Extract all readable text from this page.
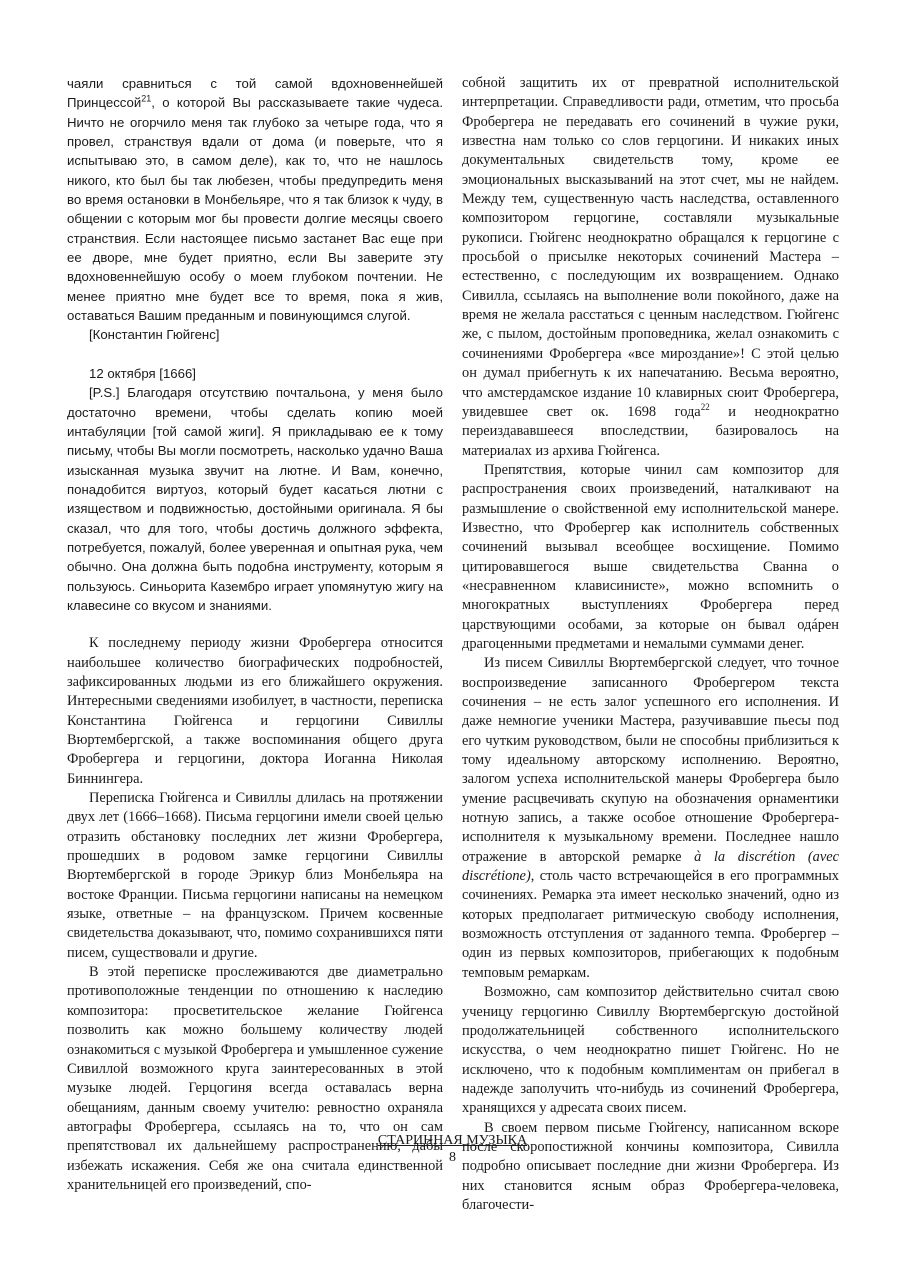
чаяли сравниться с той самой вдохновеннейшей Принцессой$^{21}$, о которой Вы рассказываете такие чудеса. Ничто не огорчило меня так глубоко за четыре года, что я провел, странствуя вдали от дома (и поверьте, что я испытываю это, в самом деле), как то, что не нашлось никого, кто был бы так любезен, чтобы предупредить меня во время остановки в Монбельяре, что я так близок к чуду, в общении с которым мог бы провести долгие месяцы своего странствия. Если настоящее письмо застанет Вас еще при ее дворе, мне будет приятно, если Вы заверите эту вдохновеннейшую особу о моем глубоком почтении. Не менее приятно мне будет все то время, пока я жив, оставаться Вашим преданным и повинующимся слугой.

[Константин Гюйгенс]

12 октября [1666]

[P.S.] Благодаря отсутствию почтальона, у меня было достаточно времени, чтобы сделать копию моей интабуляции [той самой жиги]. Я прикладываю ее к тому письму, чтобы Вы могли посмотреть, насколько удачно Ваша изысканная музыка звучит на лютне. И Вам, конечно, понадобится виртуоз, который будет касаться лютни с изяществом и подвижностью, достойными оригинала. Я бы сказал, что для того, чтобы достичь должного эффекта, потребуется, пожалуй, более уверенная и опытная рука, чем обычно. Она должна быть подобна инструменту, которым я пользуюсь. Синьорита Казембро играет упомянутую жигу на клавесине со вкусом и знаниями.

К последнему периоду жизни Фробергера относится наибольшее количество биографических подробностей, зафиксированных людьми из его ближайшего окружения. Интересными сведениями изобилует, в частности, переписка Константина Гюйгенса и герцогини Сивиллы Вюртембергской, а также воспоминания общего друга Фробергера и герцогини, доктора Иоганна Николая Биннингера.

Переписка Гюйгенса и Сивиллы длилась на протяжении двух лет (1666–1668). Письма герцогини имели своей целью отразить обстановку последних лет жизни Фробергера, прошедших в родовом замке герцогини Сивиллы Вюртембергской в городе Эрикур близ Монбельяра на востоке Франции. Письма герцогини написаны на немецком языке, ответные – на французском. Причем косвенные свидетельства доказывают, что, помимо сохранившихся пяти писем, существовали и другие.

В этой переписке прослеживаются две диаметрально противоположные тенденции по отношению к наследию композитора: просветительское желание Гюйгенса позволить как можно большему количеству людей ознакомиться с музыкой Фробергера и умышленное сужение Сивиллой возможного круга заинтересованных в этой музыке людей. Герцогиня всегда оставалась верна обещаниям, данным своему учителю: ревностно охраняла автографы Фробергера, ссылаясь на то, что он сам препятствовал их дальнейшему распространению, дабы избежать искажения. Себя же она считала единственной хранительницей его произведений, спо-

собной защитить их от превратной исполнительской интерпретации. Справедливости ради, отметим, что просьба Фробергера не передавать его сочинений в чужие руки, известна нам только со слов герцогини. И никаких иных документальных свидетельств тому, кроме ее эмоциональных высказываний на этот счет, мы не найдем. Между тем, существенную часть наследства, оставленного композитором герцогине, составляли музыкальные рукописи. Гюйгенс неоднократно обращался к герцогине с просьбой о присылке некоторых сочинений Мастера – естественно, с последующим их возвращением. Однако Сивилла, ссылаясь на выполнение воли покойного, даже на время не желала расстаться с ценным наследством. Гюйгенс же, с пылом, достойным проповедника, желал ознакомить с сочинениями Фробергера «все мироздание»! С этой целью он думал прибегнуть к их напечатанию. Весьма вероятно, что амстердамское издание 10 клавирных сюит Фробергера, увидевшее свет ок. 1698 года$^{22}$ и неоднократно переиздававшееся впоследствии, базировалось на материалах из архива Гюйгенса.

Препятствия, которые чинил сам композитор для распространения своих произведений, наталкивают на размышление о свойственной ему исполнительской манере. Известно, что Фробергер как исполнитель собственных сочинений вызывал всеобщее восхищение. Помимо цитировавшегося выше свидетельства Сванна о «несравненном клависинисте», можно вспомнить о многократных выступлениях Фробергера перед царствующими особами, за которые он бывал одáрен драгоценными предметами и немалыми суммами денег.

Из писем Сивиллы Вюртембергской следует, что точное воспроизведение записанного Фробергером текста сочинения – не есть залог успешного его исполнения. И даже немногие ученики Мастера, разучивавшие пьесы под его чутким руководством, были не способны приблизиться к тому идеальному авторскому исполнению. Вероятно, залогом успеха исполнительской манеры Фробергера было умение расцвечивать скупую на обозначения орнаментики нотную запись, а также особое отношение Фробергера-исполнителя к музыкальному времени. Последнее нашло отражение в авторской ремарке à la discrétion (avec discrétione), столь часто встречающейся в его программных сочинениях. Ремарка эта имеет несколько значений, одно из которых предполагает ритмическую свободу исполнения, возможность отступления от заданного темпа. Фробергер – один из первых композиторов, прибегающих к подобным темповым ремаркам.

Возможно, сам композитор действительно считал свою ученицу герцогиню Сивиллу Вюртембергскую достойной продолжательницей собственного исполнительского искусства, о чем неоднократно пишет Гюйгенс. Но не исключено, что к подобным комплиментам он прибегал в надежде заполучить что-нибудь из сочинений Фробергера, хранящихся у адресата своих писем.

В своем первом письме Гюйгенсу, написанном вскоре после скоропостижной кончины композитора, Сивилла подробно описывает последние дни жизни Фробергера. Из них становится ясным образ Фробергера-человека, благочести-

СТАРИННАЯ МУЗЫКА
8
